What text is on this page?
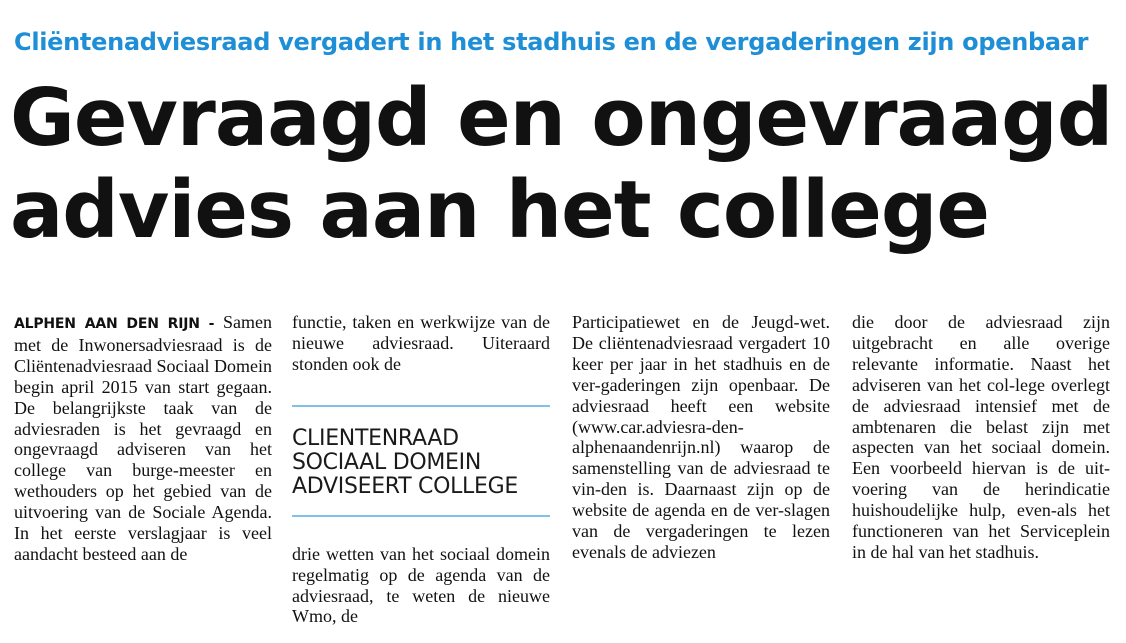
Cliëntenadviesraad vergadert in het stadhuis en de vergaderingen zijn openbaar
Gevraagd en ongevraagd advies aan het college

ALPHEN AAN DEN RIJN - Samen met de Inwonersadviesraad is de Cliëntenadviesraad Sociaal Domein begin april 2015 van start gegaan. De belangrijkste taak van de adviesraden is het gevraagd en ongevraagd adviseren van het college van burge-meester en wethouders op het gebied van de uitvoering van de Sociale Agenda. In het eerste verslagjaar is veel aandacht besteed aan de

functie, taken en werkwijze van de nieuwe adviesraad. Uiteraard stonden ook de

CLIENTENRAAD SOCIAAL DOMEIN ADVISEERT COLLEGE

drie wetten van het sociaal domein regelmatig op de agenda van de adviesraad, te weten de nieuwe Wmo, de

Participatiewet en de Jeugd-wet. De cliëntenadviesraad vergadert 10 keer per jaar in het stadhuis en de ver-gaderingen zijn openbaar. De adviesraad heeft een website (www.car.adviesra-den-alphenaandenrijn.nl) waarop de samenstelling van de adviesraad te vin-den is. Daarnaast zijn op de website de agenda en de ver-slagen van de vergaderingen te lezen evenals de adviezen

die door de adviesraad zijn uitgebracht en alle overige relevante informatie. Naast het adviseren van het col-lege overlegt de adviesraad intensief met de ambtenaren die belast zijn met aspecten van het sociaal domein. Een voorbeeld hiervan is de uit-voering van de herindicatie huishoudelijke hulp, even-als het functioneren van het Serviceplein in de hal van het stadhuis.
